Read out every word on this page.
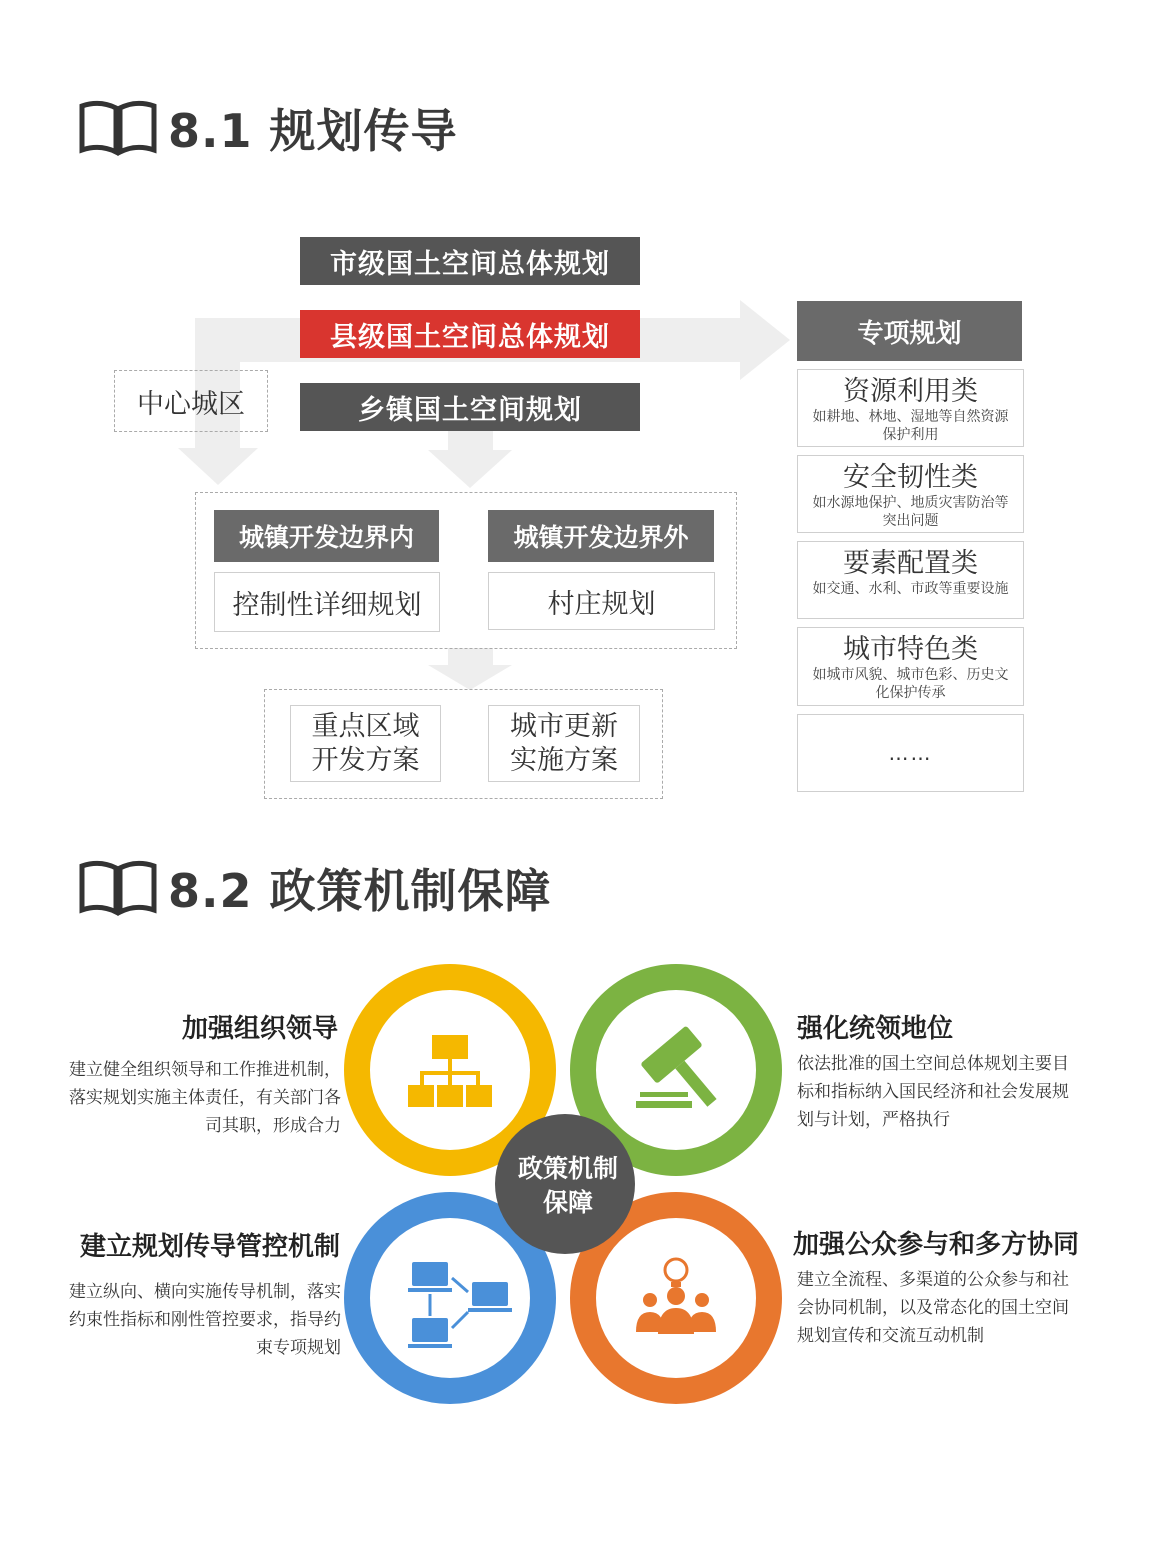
8.1 规划传导
市级国土空间总体规划
县级国土空间总体规划
乡镇国土空间规划
中心城区
城镇开发边界内
控制性详细规划
城镇开发边界外
村庄规划
重点区域
开发方案
城市更新
实施方案
专项规划
资源利用类
如耕地、林地、湿地等自然资源保护利用
安全韧性类
如水源地保护、地质灾害防治等突出问题
要素配置类
如交通、水利、市政等重要设施
城市特色类
如城市风貌、城市色彩、历史文化保护传承
……
8.2 政策机制保障
政策机制
保障
加强组织领导
建立健全组织领导和工作推进机制，落实规划实施主体责任，有关部门各司其职，形成合力
强化统领地位
依法批准的国土空间总体规划主要目标和指标纳入国民经济和社会发展规划与计划，严格执行
建立规划传导管控机制
建立纵向、横向实施传导机制，落实约束性指标和刚性管控要求，指导约束专项规划
加强公众参与和多方协同
建立全流程、多渠道的公众参与和社会协同机制，以及常态化的国土空间规划宣传和交流互动机制
